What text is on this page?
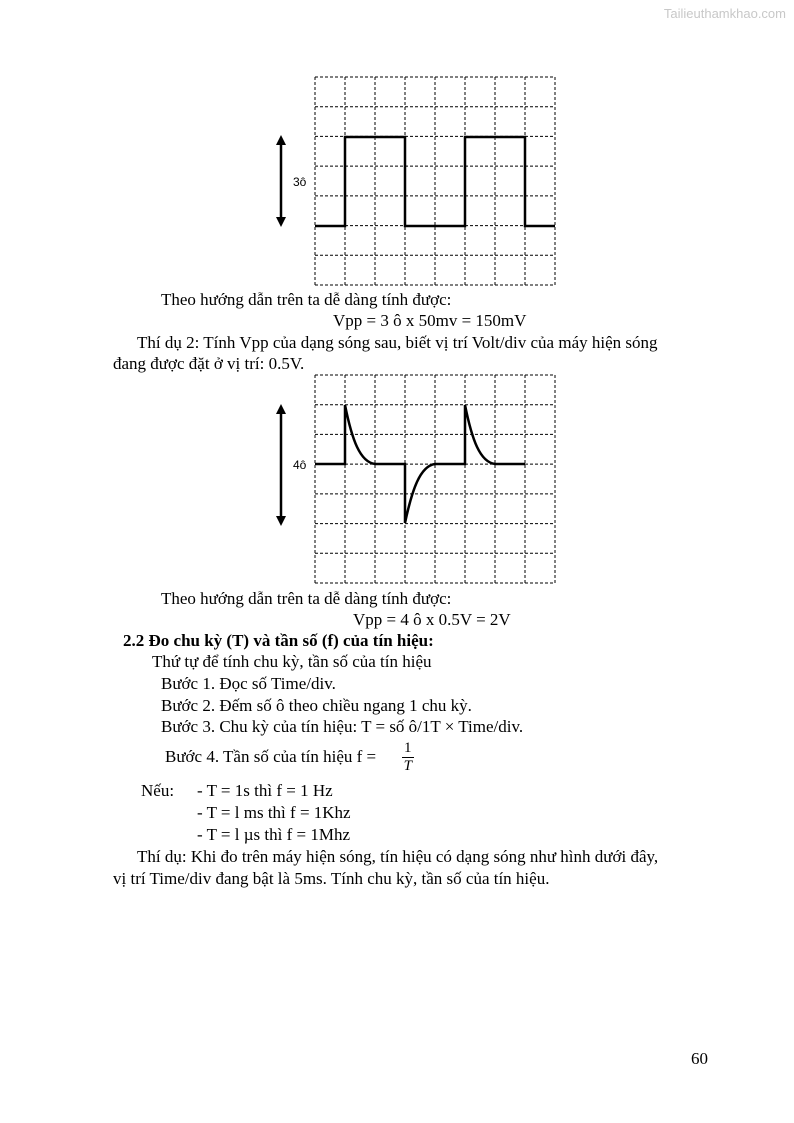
Tailieuthamkhao.com
3ô
4ô
Theo hướng dẫn trên ta dễ dàng tính được:
Vpp = 3 ô x 50mv = 150mV
Thí dụ 2: Tính Vpp của dạng sóng sau, biết vị trí Volt/div của máy hiện sóng
đang được đặt ở vị trí: 0.5V.
Theo hướng dẫn trên ta dễ dàng tính được:
Vpp = 4 ô x 0.5V = 2V
2.2 Đo chu kỳ (T) và tần số (f) của tín hiệu:
Thứ tự để tính chu kỳ, tần số của tín hiệu
Bước 1. Đọc số Time/div.
Bước 2. Đếm số ô theo chiều ngang 1 chu kỳ.
Bước 3. Chu kỳ của tín hiệu: T = số ô/1T × Time/div.
Bước 4. Tần số của tín hiệu $f = \frac{1}{T}$
Nếu: - T = 1s thì f = 1 Hz
- T = l ms thì f = 1Khz
- T = l µs thì f = 1Mhz
Thí dụ: Khi đo trên máy hiện sóng, tín hiệu có dạng sóng như hình dưới đây,
vị trí Time/div đang bật là 5ms. Tính chu kỳ, tần số của tín hiệu.
60
